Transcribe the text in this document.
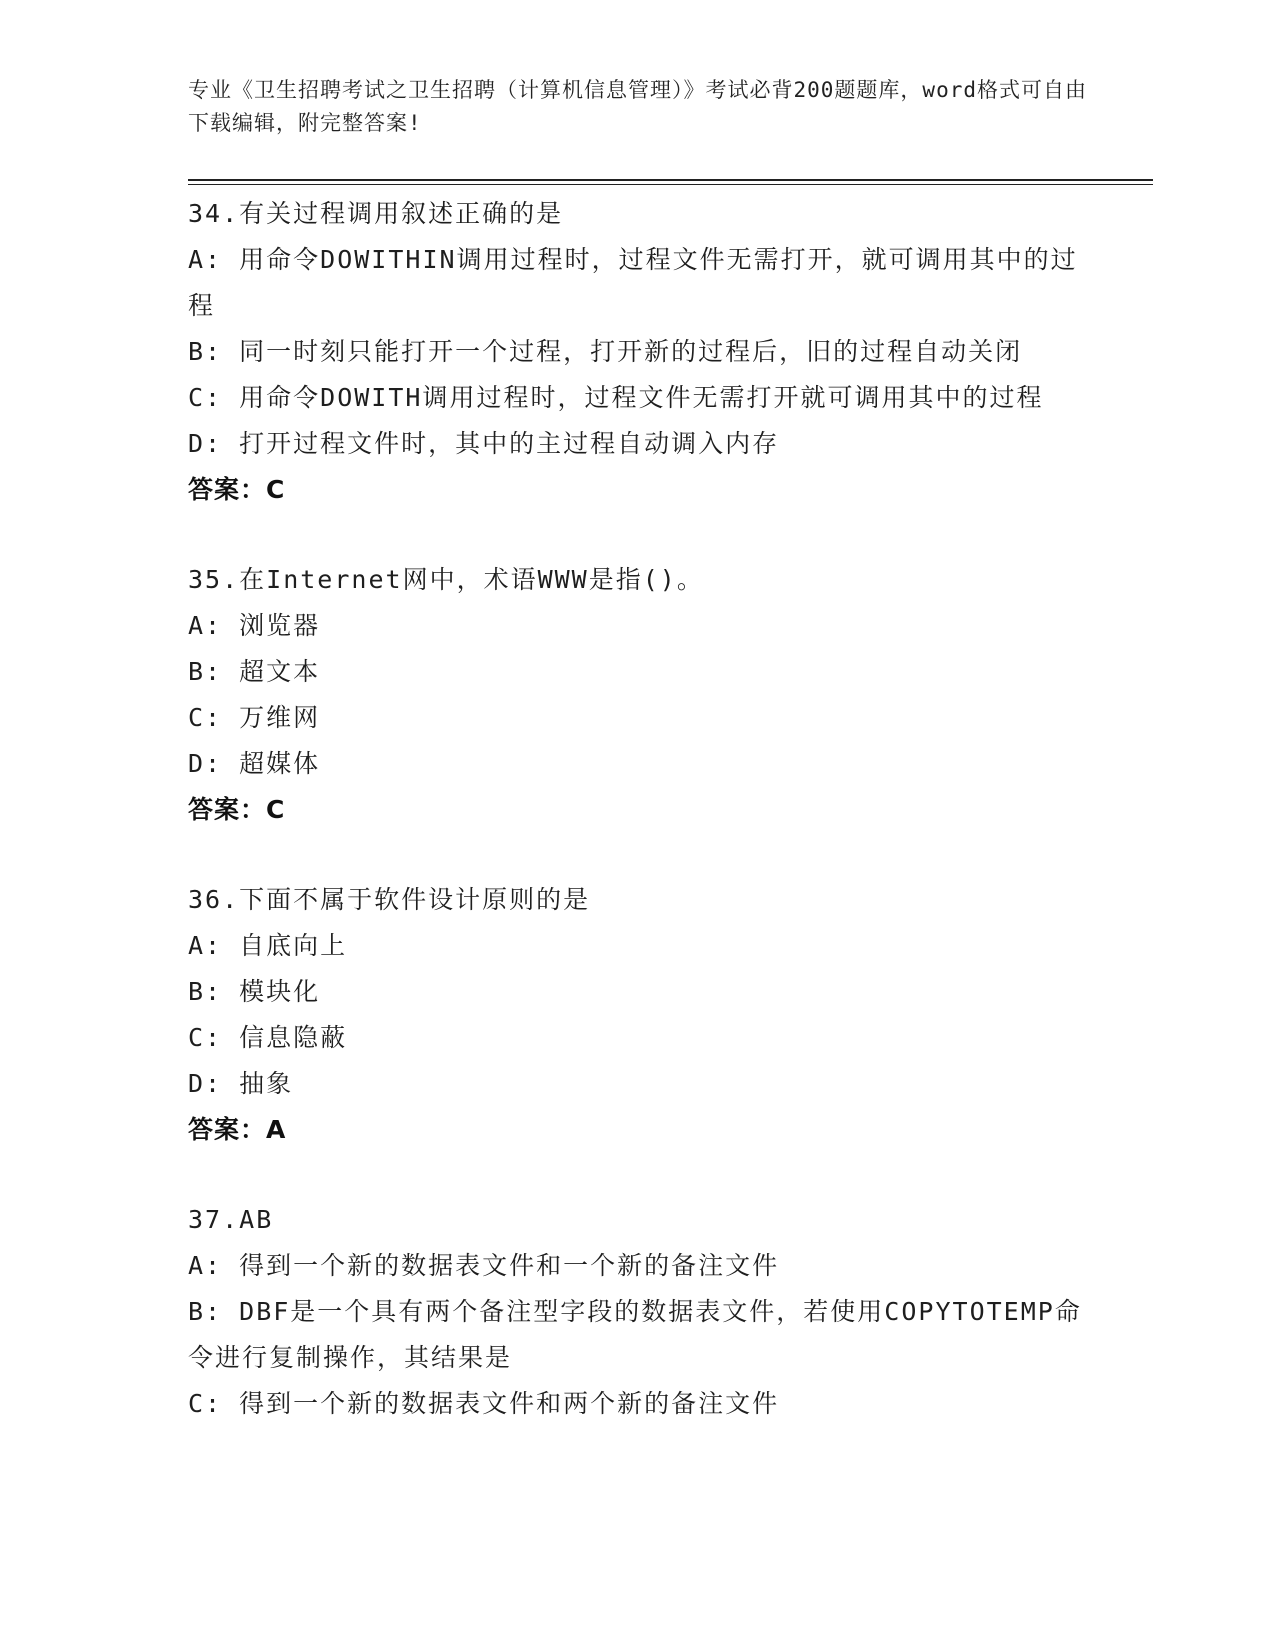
专业《卫生招聘考试之卫生招聘（计算机信息管理）》考试必背200题题库，word格式可自由下载编辑，附完整答案!
34.有关过程调用叙述正确的是
A: 用命令DOWITHIN调用过程时，过程文件无需打开，就可调用其中的过程
B: 同一时刻只能打开一个过程，打开新的过程后，旧的过程自动关闭
C: 用命令DOWITH调用过程时，过程文件无需打开就可调用其中的过程
D: 打开过程文件时，其中的主过程自动调入内存
答案：C
35.在Internet网中，术语WWW是指()。
A: 浏览器
B: 超文本
C: 万维网
D: 超媒体
答案：C
36.下面不属于软件设计原则的是
A: 自底向上
B: 模块化
C: 信息隐蔽
D: 抽象
答案：A
37.AB
A: 得到一个新的数据表文件和一个新的备注文件
B: DBF是一个具有两个备注型字段的数据表文件，若使用COPYTOTEMP命令进行复制操作，其结果是
C: 得到一个新的数据表文件和两个新的备注文件
